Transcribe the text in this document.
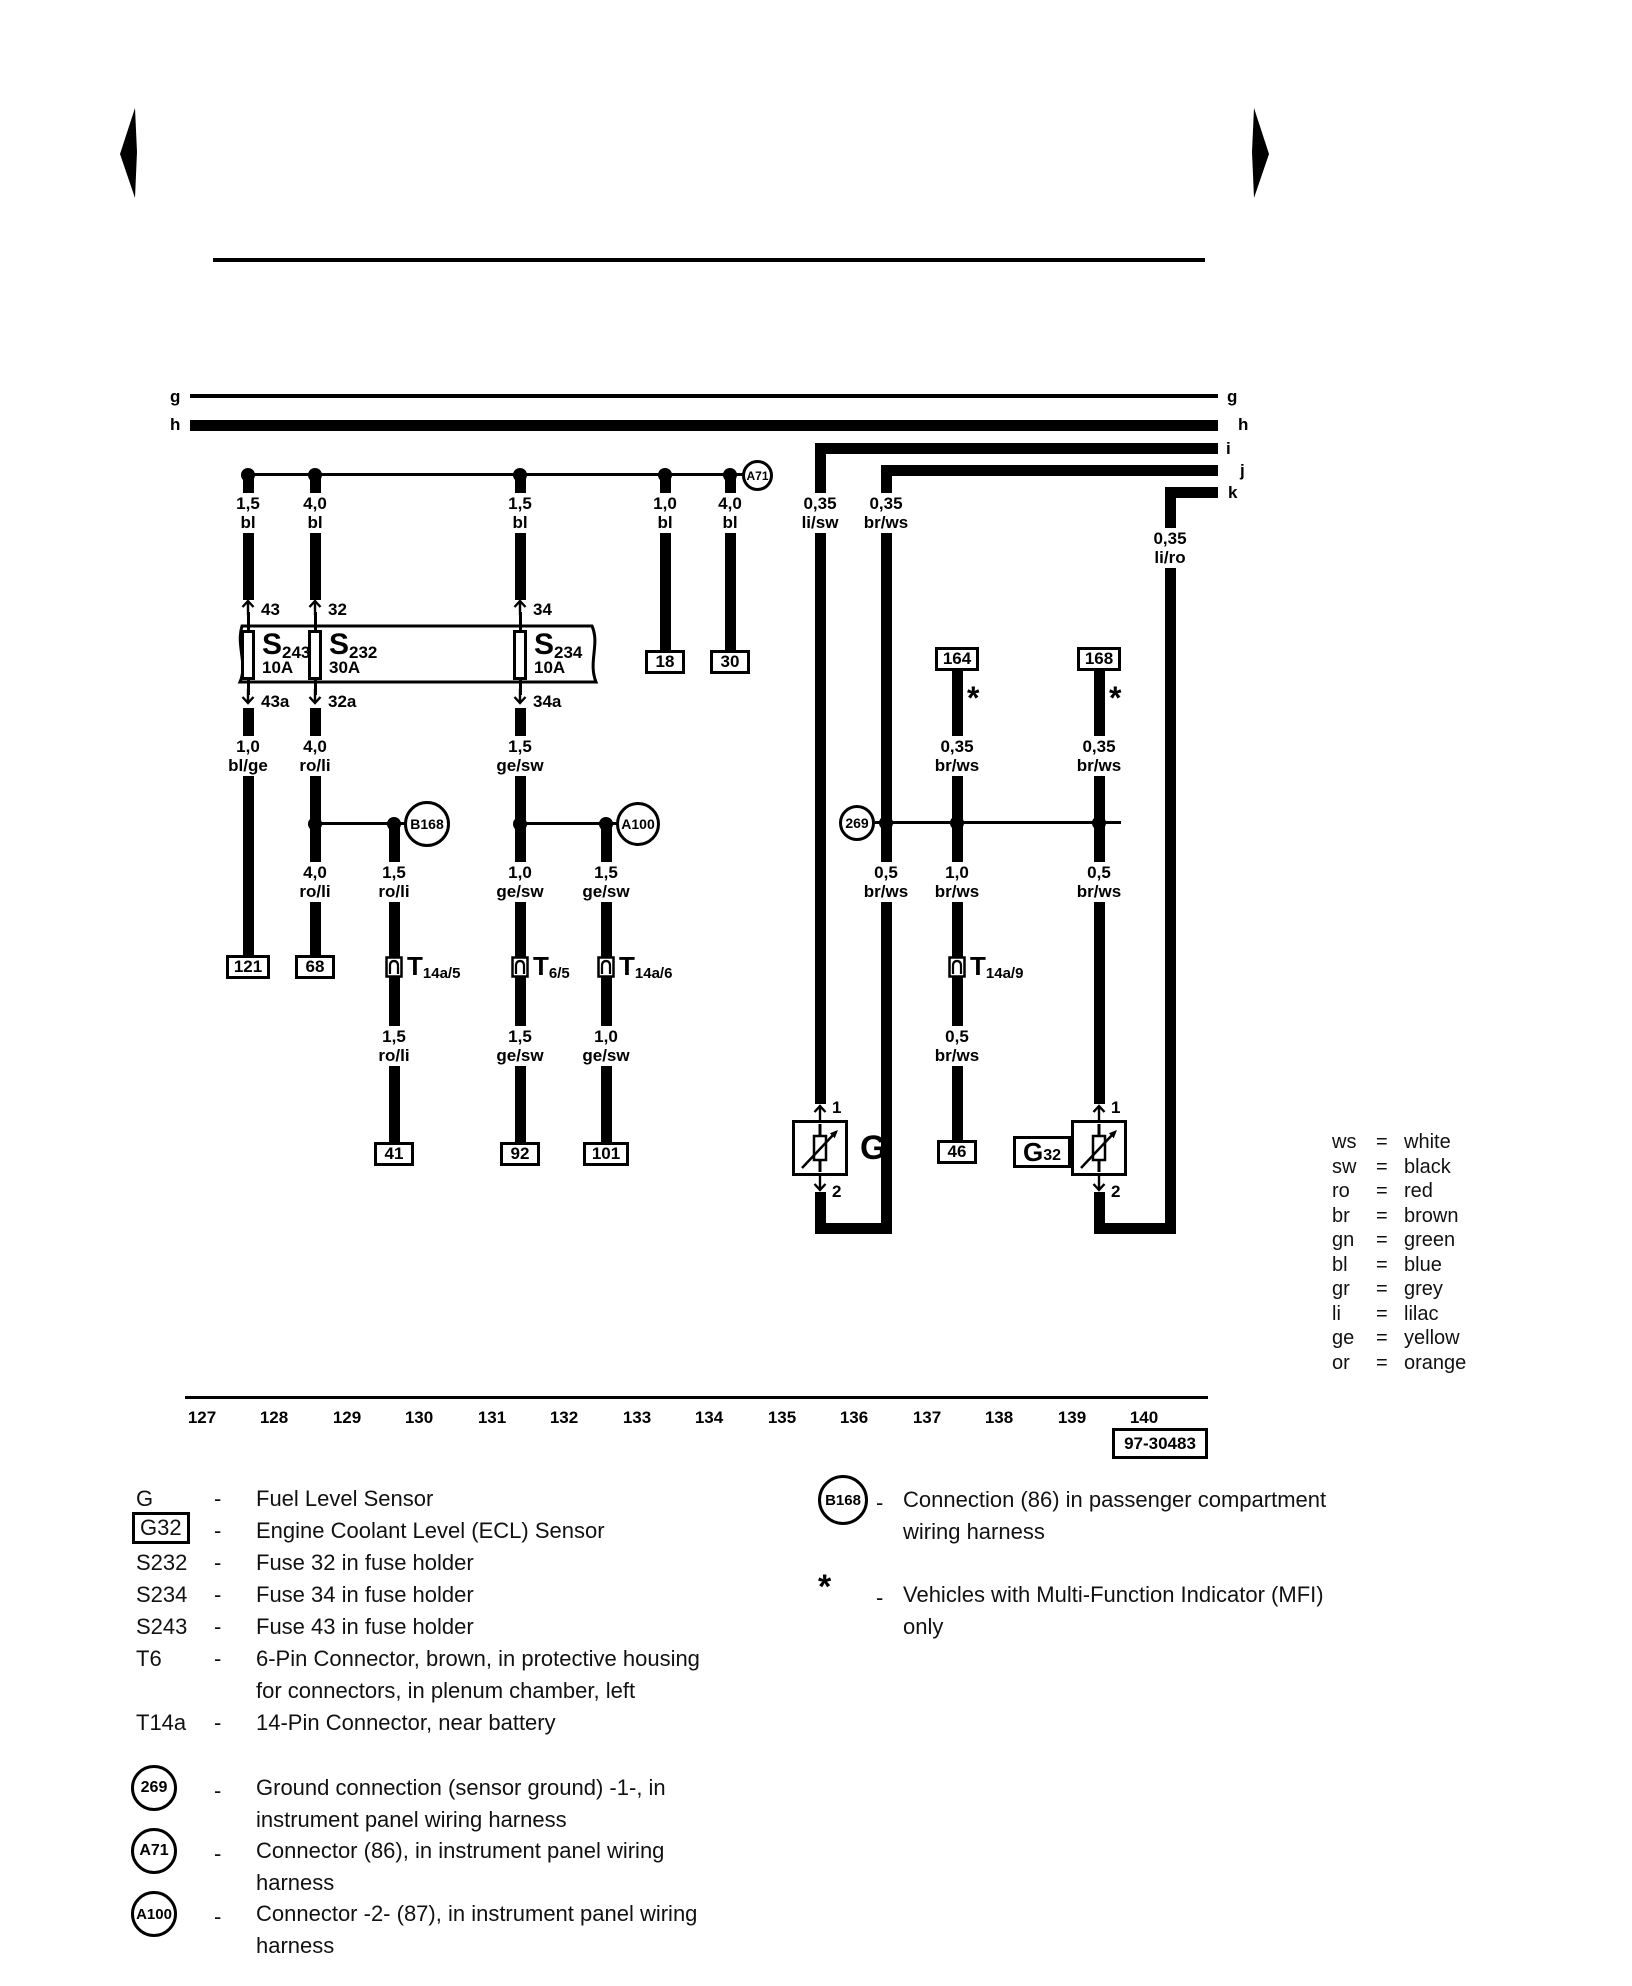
g
h
g
h
i
j
k
A71
S243
10A
S232
30A
S234
10A
43	32	34
43a 32a	34a
B168	A100	269
1,5
bl
4,0
bl
1,5
bl
1,0
bl
4,0
bl
0,35
li/sw
0,35
br/ws
0,35
li/ro
1,0
bl/ge
4,0
ro/li
1,5
ge/sw
0,35
br/ws
0,35
br/ws
4,0
ro/li
1,5
ro/li
1,0
ge/sw
1,5
ge/sw
0,5
br/ws
1,0
br/ws
0,5
br/ws
1,5
ro/li
1,5
ge/sw
1,0
ge/sw
0,5
br/ws
*	*
18	30	164	168
121	68
41	92	101	46
T14a/5	T6/5 T14a/6	T14a/9
G
1
2
G 32
1
2
127	128	129	130	131	132	133	134	135	136	137	138	139	140
97-30483
ws = white
sw = black
ro	= red
br	= brown
gn	= green
bl	= blue
gr	= grey
li	= lilac
ge	= yellow
or	= orange
G	- Fuel Level Sensor
G32	- Engine Coolant Level (ECL) Sensor
S232 - Fuse 32 in fuse holder
S234 - Fuse 34 in fuse holder
S243 - Fuse 43 in fuse holder
T6 - 6-Pin Connector, brown, in protective housing
for connectors, in plenum chamber, left
T14a - 14-Pin Connector, near battery
269	- Ground connection (sensor ground) -1-, in
instrument panel wiring harness
A71	- Connector (86), in instrument panel wiring
harness
A100 - Connector -2- (87), in instrument panel wiring
harness
B168 - Connection (86) in passenger compartment
wiring harness
* - Vehicles with Multi-Function Indicator (MFI)
only
